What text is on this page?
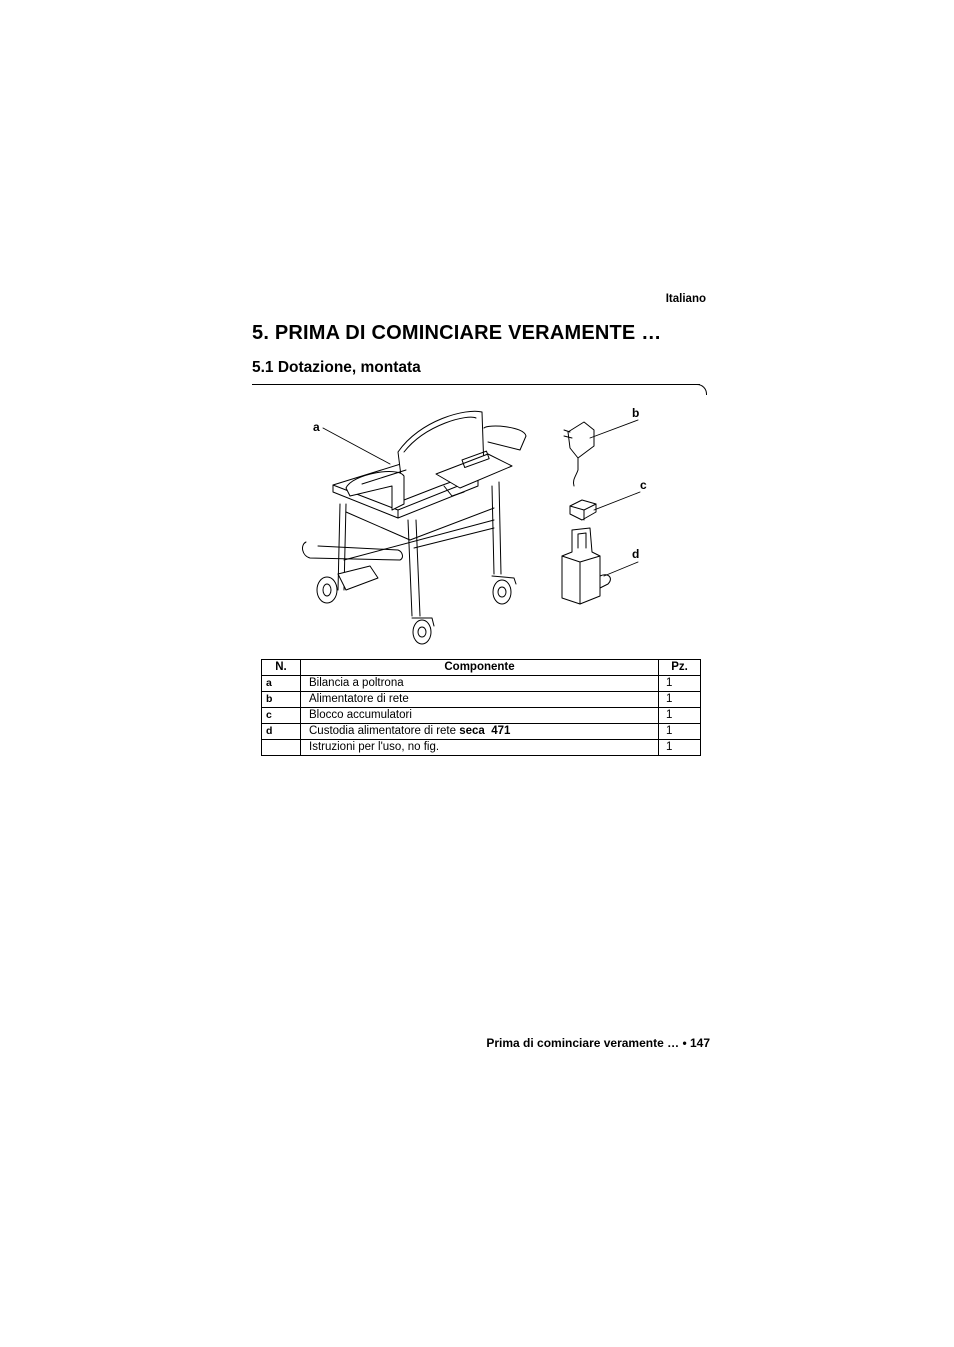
Italiano
5. PRIMA DI COMINCIARE VERAMENTE …
5.1 Dotazione, montata
a
b
c
d
N.	Componente	Pz.
a	Bilancia a poltrona	1
b	Alimentatore di rete	1
c	Blocco accumulatori	1
d	Custodia alimentatore di rete seca  471	1
	Istruzioni per l'uso, no fig.	1
Prima di cominciare veramente … • 147
